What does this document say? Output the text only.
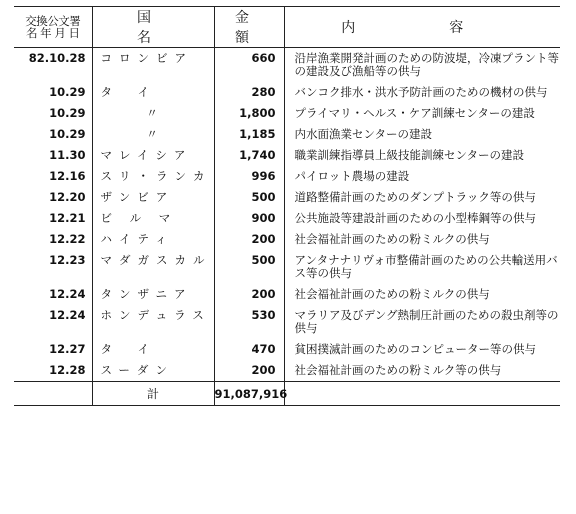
交換公文署
名 年 月 日	国　　名	金　額	内　容
82.10.28	コロンビア	660	沿岸漁業開発計画のための防波堤，冷凍プラント等の建設及び漁船等の供与
10.29	タ　イ	280	バンコク排水・洪水予防計画のための機材の供与
10.29	〃	1,800	プライマリ・ヘルス・ケア訓練センターの建設
10.29	〃	1,185	内水面漁業センターの建設
11.30	マレイシア	1,740	職業訓練指導員上級技能訓練センターの建設
12.16	スリ・ランカ	996	パイロット農場の建設
12.20	ザンビア	500	道路整備計画のためのダンプトラック等の供与
12.21	ビ ル マ	900	公共施設等建設計画のための小型棒鋼等の供与
12.22	ハイティ	200	社会福祉計画のための粉ミルクの供与
12.23	マダガスカル	500	アンタナナリヴォ市整備計画のための公共輸送用バス等の供与
12.24	タンザニア	200	社会福祉計画のための粉ミルクの供与
12.24	ホンデュラス	530	マラリア及びデング熱制圧計画のための殺虫剤等の供与
12.27	タ　イ	470	貧困撲滅計画のためのコンピューター等の供与
12.28	スーダン	200	社会福祉計画のための粉ミルク等の供与
	計	91,087,916	
